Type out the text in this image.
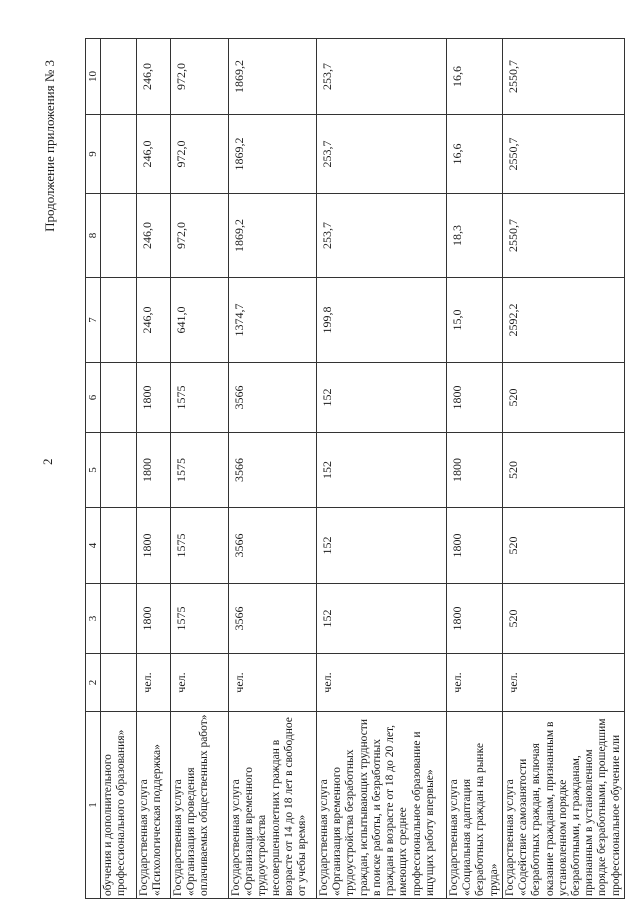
2
Продолжение приложения № 3
1	2	3	4	5	6	7	8	9	10
обучения и дополнительного профессионального образования»									
Государственная услуга «Психологическая поддержка»	чел.	1800	1800	1800	1800	246,0	246,0	246,0	246,0
Государственная услуга «Организация проведения оплачиваемых общественных работ»	чел.	1575	1575	1575	1575	641,0	972,0	972,0	972,0
Государственная услуга «Организация временного трудоустройства несовершеннолетних граждан в возрасте от 14 до 18 лет в свободное от учебы время»	чел.	3566	3566	3566	3566	1374,7	1869,2	1869,2	1869,2
Государственная услуга «Организация временного трудоустройства безработных граждан, испытывающих трудности в поиске работы, и безработных граждан в возрасте от 18 до 20 лет, имеющих среднее профессиональное образование и ищущих работу впервые»	чел.	152	152	152	152	199,8	253,7	253,7	253,7
Государственная услуга «Социальная адаптация безработных граждан на рынке труда»	чел.	1800	1800	1800	1800	15,0	18,3	16,6	16,6
Государственная услуга «Содействие самозанятости безработных граждан, включая оказание гражданам, признанным в установленном порядке безработными, и гражданам, признанным в установленном порядке безработными, прошедшим профессиональное обучение или	чел.	520	520	520	520	2592,2	2550,7	2550,7	2550,7
